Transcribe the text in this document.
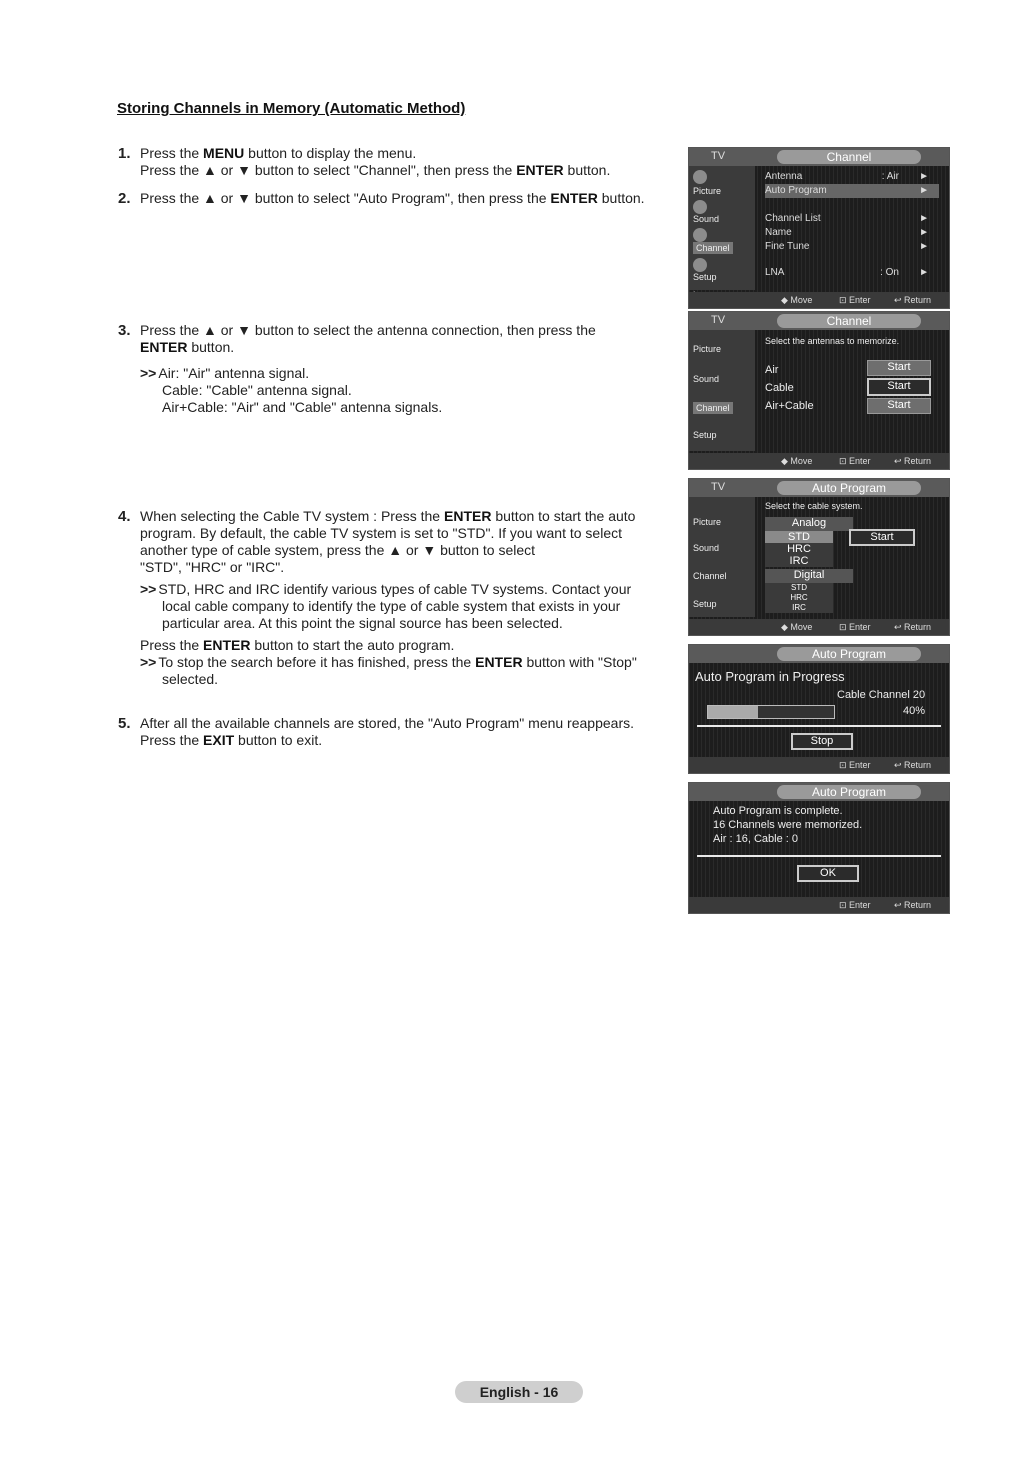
Storing Channels in Memory (Automatic Method)
1. Press the MENU button to display the menu.

Press the ▲ or ▼ button to select "Channel", then press the ENTER button.

2. Press the ▲ or ▼ button to select "Auto Program", then press the ENTER button.

3. Press the ▲ or ▼ button to select the antenna connection, then press the

ENTER button.

>> Air: "Air" antenna signal.

Cable: "Cable" antenna signal.

Air+Cable: "Air" and "Cable" antenna signals.

4. When selecting the Cable TV system : Press the ENTER button to start the auto

program. By default, the cable TV system is set to "STD". If you want to select

another type of cable system, press the ▲ or ▼ button to select

"STD", "HRC" or "IRC".

>> STD, HRC and IRC identify various types of cable TV systems. Contact your

local cable company to identify the type of cable system that exists in your

particular area. At this point the signal source has been selected.

Press the ENTER button to start the auto program.

>> To stop the search before it has finished, press the ENTER button with "Stop"

selected.

5. After all the available channels are stored, the "Auto Program" menu reappears.

Press the EXIT button to exit.

TV	Channel
Picture
Sound
Channel
Setup
Antenna	: Air ►
Auto Program	►
Channel List	►
Name	►
Fine Tune	►
LNA	: On ►
◆ Move	⊡ Enter	↩ Return
TV	Channel
Picture
Sound
Channel
Setup
Select the antennas to memorize.
Air
Cable
Air+Cable
Start
Start
Start
◆ Move	⊡ Enter	↩ Return
TV	Auto Program
Picture
Sound
Channel
Setup
Select the cable system.
Analog
STD
HRC
IRC
Start
Digital
STD
HRC
IRC
◆ Move	⊡ Enter	↩ Return
Auto Program
Auto Program in Progress
Cable Channel 20
40%
Stop
⊡ Enter	↩ Return
Auto Program
Auto Program is complete.
16 Channels were memorized.
Air : 16, Cable : 0
OK
⊡ Enter	↩ Return
English - 16
